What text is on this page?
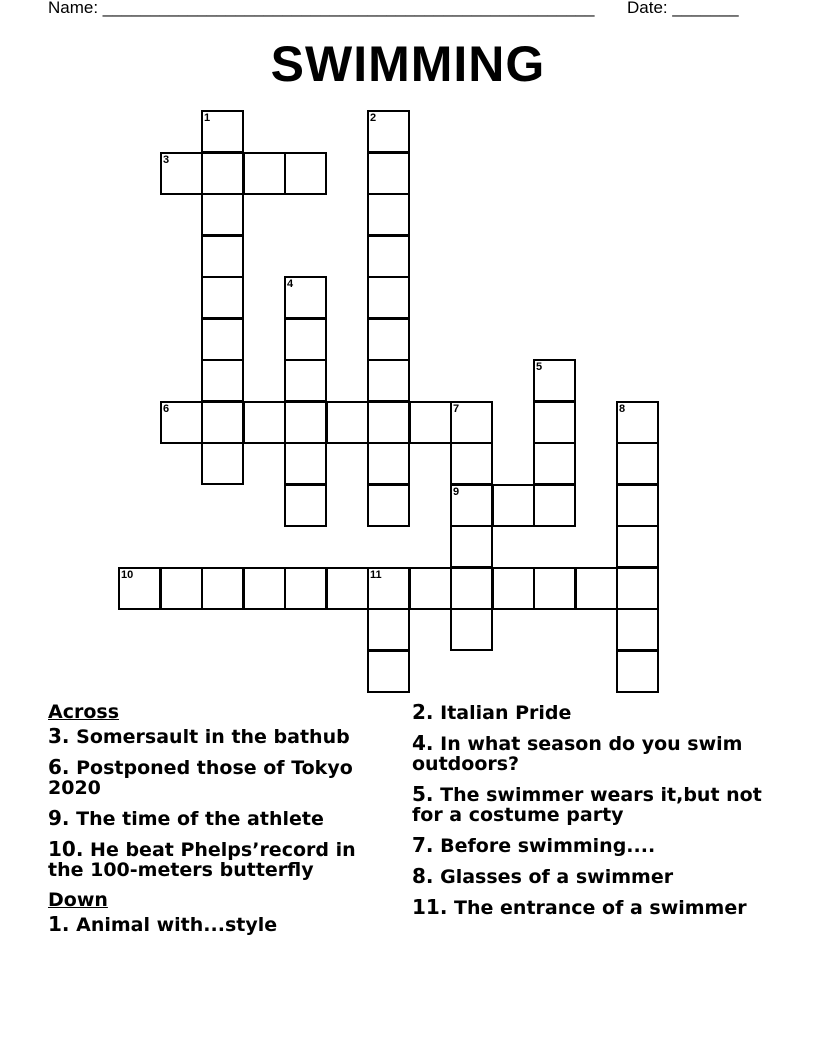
Name: ____________________________________________________ Date: _______
SWIMMING
1	2
3
4
5
6	7	8
9
10	11
Across
3. Somersault in the bathub
6. Postponed those of Tokyo 2020
9. The time of the athlete
10. He beat Phelps’record in the 100-meters butterfly
Down
1. Animal with...style
2. Italian Pride
4. In what season do you swim outdoors?
5. The swimmer wears it,but not for a costume party
7. Before swimming....
8. Glasses of a swimmer
11. The entrance of a swimmer
